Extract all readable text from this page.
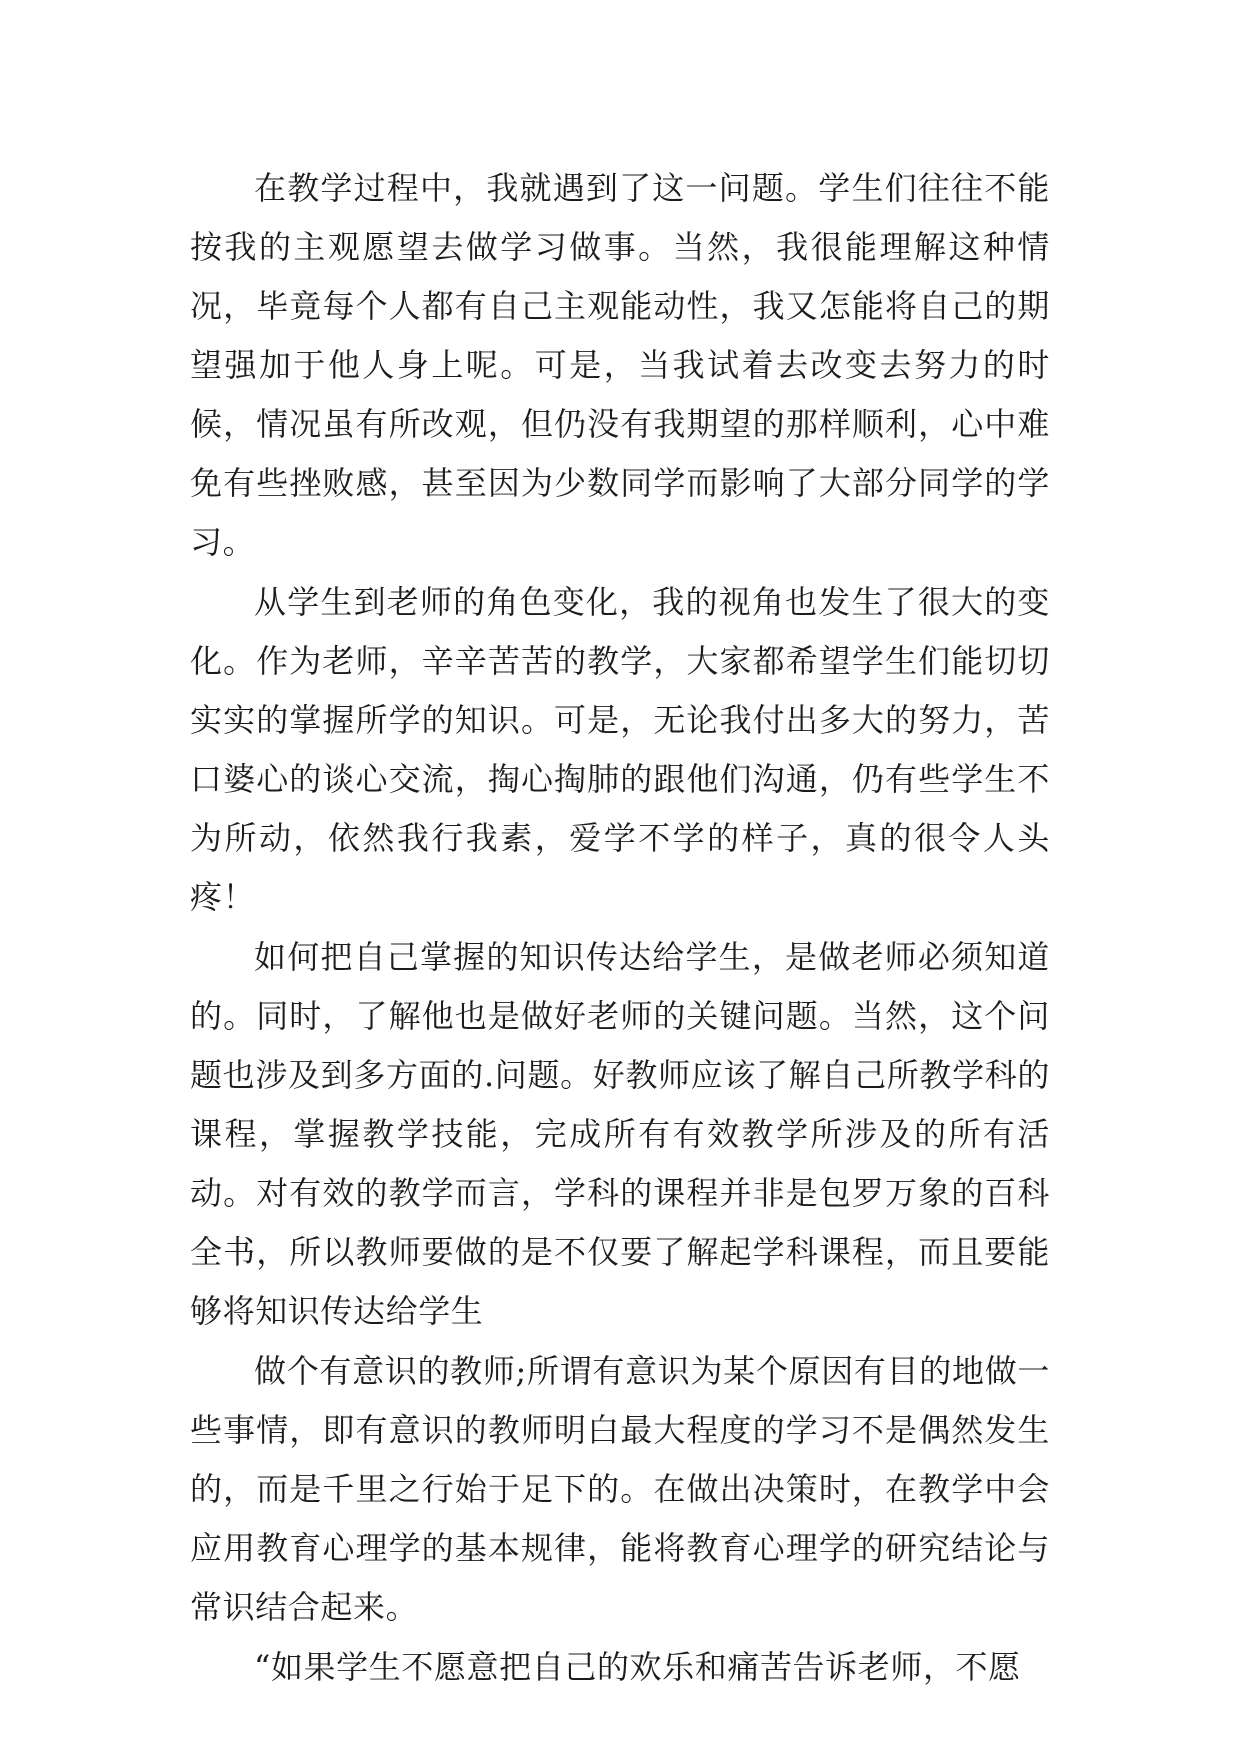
在教学过程中，我就遇到了这一问题。学生们往往不能按我的主观愿望去做学习做事。当然，我很能理解这种情况，毕竟每个人都有自己主观能动性，我又怎能将自己的期望强加于他人身上呢。可是，当我试着去改变去努力的时候，情况虽有所改观，但仍没有我期望的那样顺利，心中难免有些挫败感，甚至因为少数同学而影响了大部分同学的学习。

从学生到老师的角色变化，我的视角也发生了很大的变化。作为老师，辛辛苦苦的教学，大家都希望学生们能切切实实的掌握所学的知识。可是，无论我付出多大的努力，苦口婆心的谈心交流，掏心掏肺的跟他们沟通，仍有些学生不为所动，依然我行我素，爱学不学的样子，真的很令人头疼！

如何把自己掌握的知识传达给学生，是做老师必须知道的。同时，了解他也是做好老师的关键问题。当然，这个问题也涉及到多方面的.问题。好教师应该了解自己所教学科的课程，掌握教学技能，完成所有有效教学所涉及的所有活动。对有效的教学而言，学科的课程并非是包罗万象的百科全书，所以教师要做的是不仅要了解起学科课程，而且要能够将知识传达给学生

做个有意识的教师;所谓有意识为某个原因有目的地做一些事情，即有意识的教师明白最大程度的学习不是偶然发生的，而是千里之行始于足下的。在做出决策时，在教学中会应用教育心理学的基本规律，能将教育心理学的研究结论与常识结合起来。

“如果学生不愿意把自己的欢乐和痛苦告诉老师，不愿
